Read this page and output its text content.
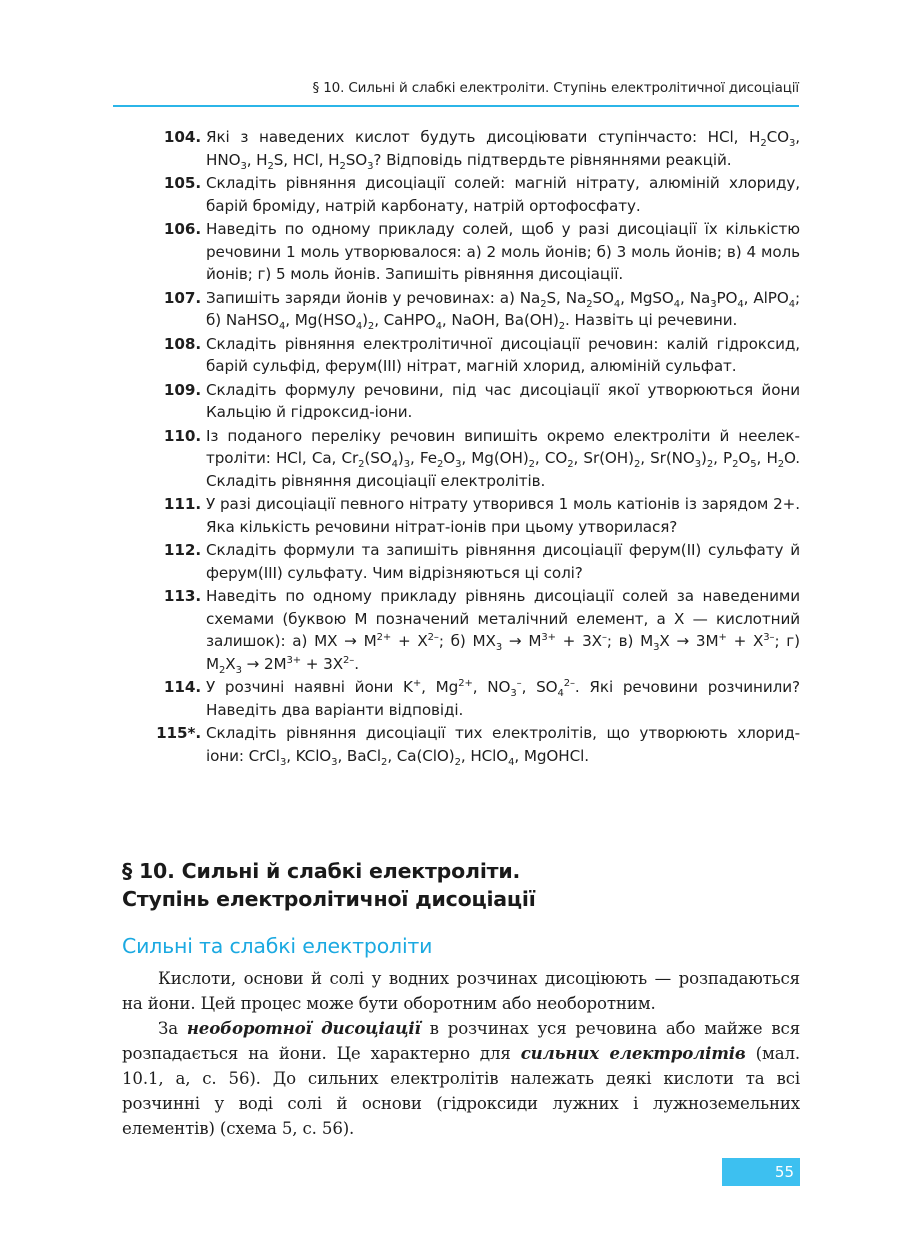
§ 10. Сильні й слабкі електроліти. Ступінь електролітичної дисоціації
104. Які з наведених кислот будуть дисоціювати ступінчасто: HCl, $H_2CO_3$, $HNO_3$, $H_2S$, HCl, $H_2SO_3$? Відповідь підтвердьте рівняннями реакцій.
105. Складіть рівняння дисоціації солей: магній нітрату, алюміній хлориду, барій броміду, натрій карбонату, натрій ортофосфату.
106. Наведіть по одному прикладу солей, щоб у разі дисоціації їх кількістю речовини 1 моль утворювалося: а) 2 моль йонів; б) 3 моль йонів; в) 4 моль йонів; г) 5 моль йонів. Запишіть рівняння дисоціації.
107. Запишіть заряди йонів у речовинах: а) $Na_2S$, $Na_2SO_4$, MgSO$_4$, $Na_3PO_4$, AlPO$_4$; б) NaHSO$_4$, $Mg(HSO_4)_2$, CaHPO$_4$, NaOH, $Ba(OH)_2$. Назвіть ці речевини.
108. Складіть рівняння електролітичної дисоціації речовин: калій гідроксид, барій сульфід, ферум(III) нітрат, магній хлорид, алюміній сульфат.
109. Складіть формулу речовини, під час дисоціації якої утворюються йони Кальцію й гідроксид-іони.
110. Із поданого переліку речовин випишіть окремо електроліти й неелектроліти: HCl, Ca, $Cr_2(SO_4)_3$, $Fe_2O_3$, $Mg(OH)_2$, $CO_2$, $Sr(OH)_2$, $Sr(NO_3)_2$, $P_2O_5$, $H_2O$. Складіть рівняння дисоціації електролітів.
111. У разі дисоціації певного нітрату утворився 1 моль катіонів із зарядом 2+. Яка кількість речовини нітрат-іонів при цьому утворилася?
112. Складіть формули та запишіть рівняння дисоціації ферум(II) сульфату й ферум(III) сульфату. Чим відрізняються ці солі?
113. Наведіть по одному прикладу рівнянь дисоціації солей за наведеними схемами (буквою M позначений металічний елемент, а X — кислотний залишок): а) MX → $M^{2+} + X^{2-}$; б) $MX_3 \to M^{3+} + 3X^-$; в) $M_3X \to 3M^+ + X^{3-}$; г) $M_2X_3 \to 2M^{3+} + 3X^{2-}$.
114. У розчині наявні йони K+, $Mg^{2+}$, $NO_3^-$, $SO_4^{2-}$. Які речовини розчинили? Наведіть два варіанти відповіді.
115*. Складіть рівняння дисоціації тих електролітів, що утворюють хлорид-іони: CrCl$_3$, KClO$_3$, BaCl$_2$, $Ca(ClO)_2$, HClO$_4$, MgOHCl.
§ 10. Сильні й слабкі електроліти.
Ступінь електролітичної дисоціації
Сильні та слабкі електроліти

Кислоти, основи й солі у водних розчинах дисоціюють — розпадаються на йони. Цей процес може бути оборотним або необоротним.

За необоротної дисоціації в розчинах уся речовина або майже вся розпадається на йони. Це характерно для сильних електролітів (мал. 10.1, а, с. 56). До сильних електролітів належать деякі кислоти та всі розчинні у воді солі й основи (гідроксиди лужних і лужноземельних елементів) (схема 5, с. 56).

55
